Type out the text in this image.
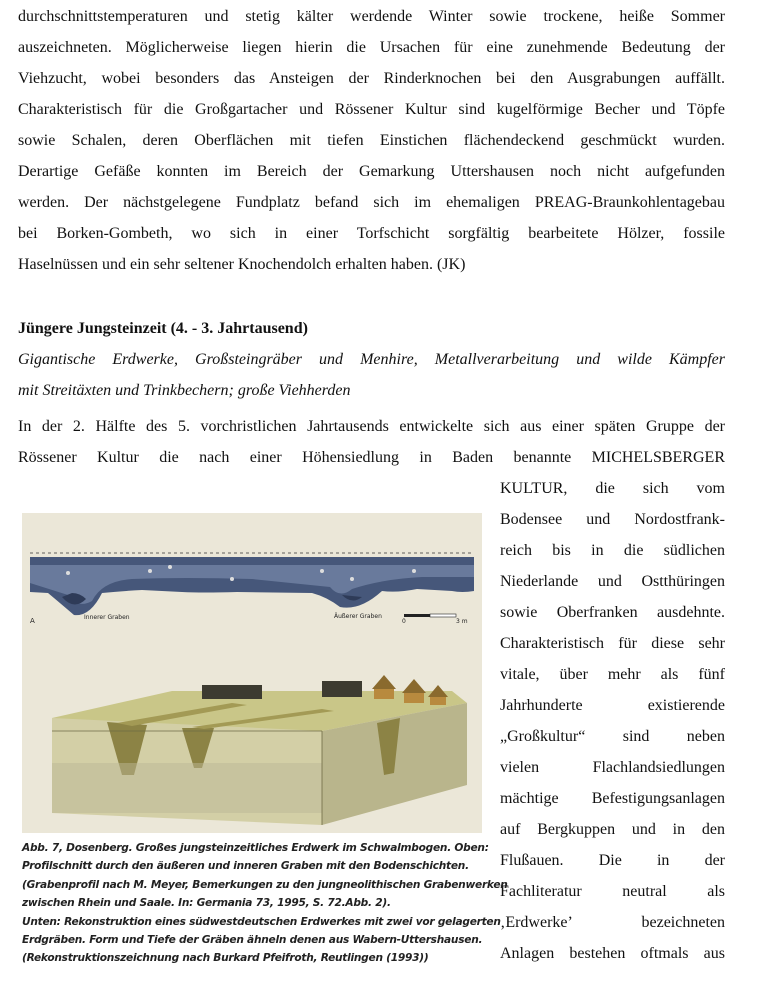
durchschnittstemperaturen und stetig kälter werdende Winter sowie trockene, heiße Sommer
auszeichneten. Möglicherweise liegen hierin die Ursachen für eine zunehmende Bedeutung der
Viehzucht, wobei besonders das Ansteigen der Rinderknochen bei den Ausgrabungen auffällt.
Charakteristisch für die Großgartacher und Rössener Kultur sind kugelförmige Becher und Töpfe
sowie Schalen, deren Oberflächen mit tiefen Einstichen flächendeckend geschmückt wurden.
Derartige Gefäße konnten im Bereich der Gemarkung Uttershausen noch nicht aufgefunden
werden. Der nächstgelegene Fundplatz befand sich im ehemaligen PREAG-Braunkohlentagebau
bei Borken-Gombeth, wo sich in einer Torfschicht sorgfältig bearbeitete Hölzer, fossile
Haselnüssen und ein sehr seltener Knochendolch erhalten haben. (JK)
Jüngere Jungsteinzeit (4. - 3. Jahrtausend)
Gigantische Erdwerke, Großsteingräber und Menhire, Metallverarbeitung und wilde Kämpfer
mit Streitäxten und Trinkbechern; große Viehherden
In der 2. Hälfte des 5. vorchristlichen Jahrtausends entwickelte sich aus einer späten Gruppe der
Rössener Kultur die nach einer Höhensiedlung in Baden benannte MICHELSBERGER
KULTUR, die sich vom
Bodensee und Nordostfrank-
reich bis in die südlichen
Niederlande und Ostthüringen
sowie Oberfranken ausdehnte.
Charakteristisch für diese sehr
vitale, über mehr als fünf
Jahrhunderte existierende
„Großkultur“ sind neben
vielen Flachlandsiedlungen
mächtige Befestigungsanlagen
auf Bergkuppen und in den
Flußauen. Die in der
Fachliteratur neutral als
‚Erdwerke’ bezeichneten
Anlagen bestehen oftmals aus
A	Innerer Graben	Äußerer Graben
0	3 m
Abb. 7, Dosenberg. Großes jungsteinzeitliches Erdwerk im Schwalmbogen. Oben:
Profilschnitt durch den äußeren und inneren Graben mit den Bodenschichten.
(Grabenprofil nach M. Meyer, Bemerkungen zu den jungneolithischen Grabenwerken
zwischen Rhein und Saale. In: Germania 73, 1995, S. 72.Abb. 2).
Unten: Rekonstruktion eines südwestdeutschen Erdwerkes mit zwei vor gelagerten
Erdgräben. Form und Tiefe der Gräben ähneln denen aus Wabern-Uttershausen.
(Rekonstruktionszeichnung nach Burkard Pfeifroth, Reutlingen (1993))
